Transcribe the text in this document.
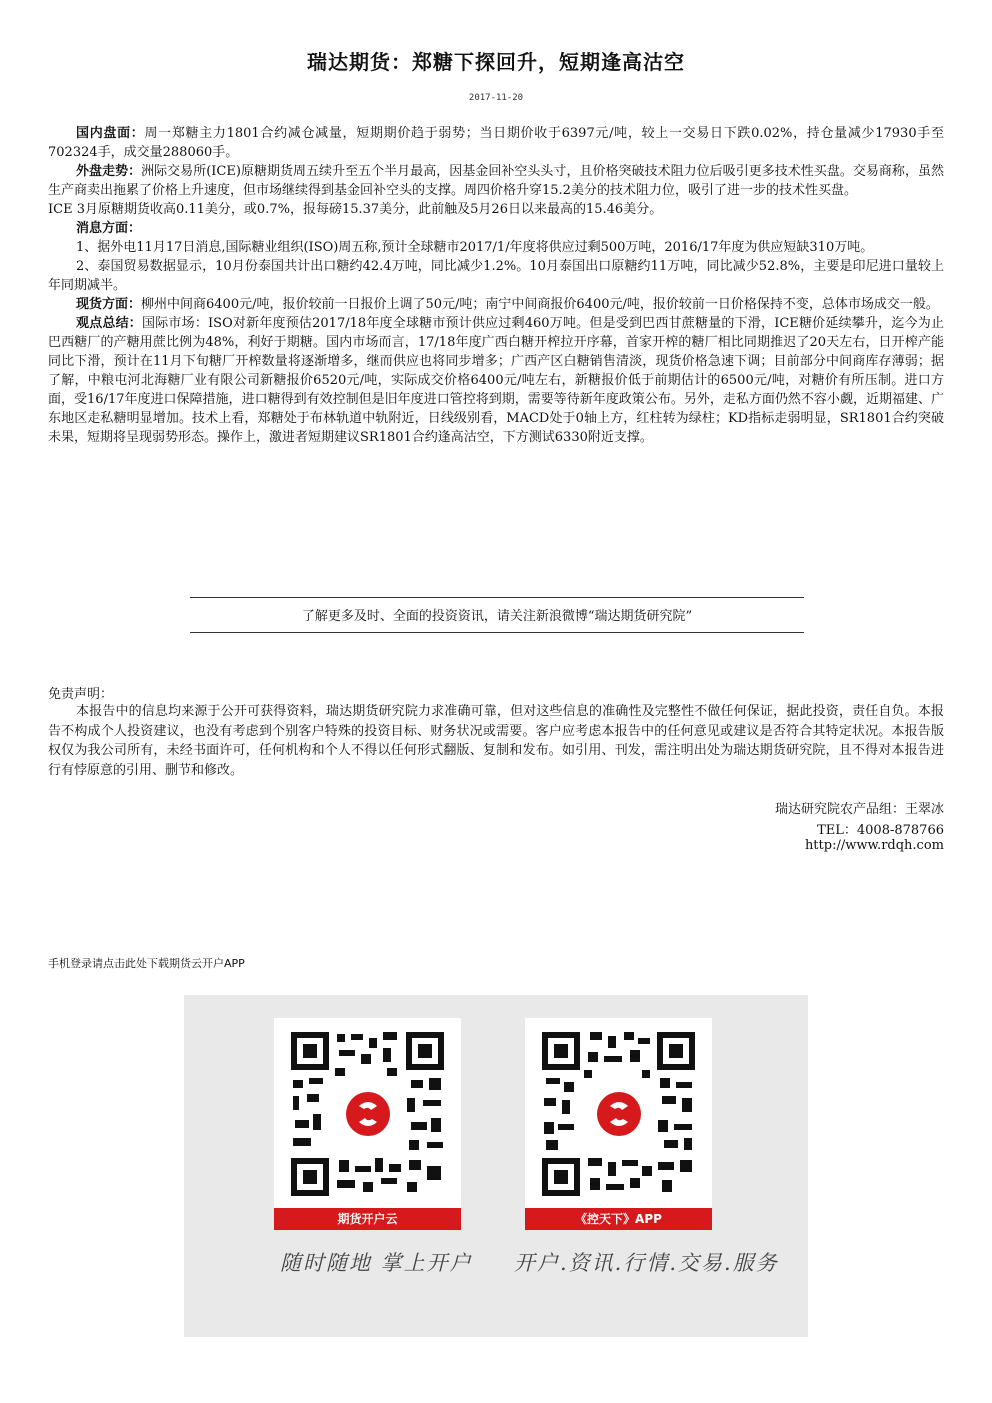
瑞达期货：郑糖下探回升，短期逢高沽空
2017-11-20

国内盘面：周一郑糖主力1801合约减仓减量，短期期价趋于弱势；当日期价收于6397元/吨，较上一交易日下跌0.02%，持仓量减少17930手至702324手，成交量288060手。

外盘走势：洲际交易所(ICE)原糖期货周五续升至五个半月最高，因基金回补空头头寸，且价格突破技术阻力位后吸引更多技术性买盘。交易商称，虽然生产商卖出拖累了价格上升速度，但市场继续得到基金回补空头的支撑。周四价格升穿15.2美分的技术阻力位，吸引了进一步的技术性买盘。

ICE 3月原糖期货收高0.11美分，或0.7%，报每磅15.37美分，此前触及5月26日以来最高的15.46美分。

消息方面：

1、据外电11月17日消息,国际糖业组织(ISO)周五称,预计全球糖市2017/1/年度将供应过剩500万吨，2016/17年度为供应短缺310万吨。

2、泰国贸易数据显示，10月份泰国共计出口糖约42.4万吨，同比减少1.2%。10月泰国出口原糖约11万吨，同比减少52.8%，主要是印尼进口量较上年同期减半。

现货方面：柳州中间商6400元/吨，报价较前一日报价上调了50元/吨；南宁中间商报价6400元/吨，报价较前一日价格保持不变，总体市场成交一般。

观点总结：国际市场：ISO对新年度预估2017/18年度全球糖市预计供应过剩460万吨。但是受到巴西甘蔗糖量的下滑，ICE糖价延续攀升，迄今为止巴西糖厂的产糖用蔗比例为48%，利好于期糖。国内市场而言，17/18年度广西白糖开榨拉开序幕，首家开榨的糖厂相比同期推迟了20天左右，日开榨产能同比下滑，预计在11月下旬糖厂开榨数量将逐渐增多，继而供应也将同步增多；广西产区白糖销售清淡，现货价格急速下调；目前部分中间商库存薄弱；据了解，中粮屯河北海糖厂业有限公司新糖报价6520元/吨，实际成交价格6400元/吨左右，新糖报价低于前期估计的6500元/吨，对糖价有所压制。进口方面，受16/17年度进口保障措施，进口糖得到有效控制但是旧年度进口管控将到期，需要等待新年度政策公布。另外，走私方面仍然不容小觑，近期福建、广东地区走私糖明显增加。技术上看，郑糖处于布林轨道中轨附近，日线级别看，MACD处于0轴上方，红柱转为绿柱；KD指标走弱明显，SR1801合约突破未果，短期将呈现弱势形态。操作上，激进者短期建议SR1801合约逢高沽空，下方测试6330附近支撑。

了解更多及时、全面的投资资讯，请关注新浪微博“瑞达期货研究院”
免责声明：
本报告中的信息均来源于公开可获得资料，瑞达期货研究院力求准确可靠，但对这些信息的准确性及完整性不做任何保证，据此投资，责任自负。本报告不构成个人投资建议，也没有考虑到个别客户特殊的投资目标、财务状况或需要。客户应考虑本报告中的任何意见或建议是否符合其特定状况。本报告版权仅为我公司所有，未经书面许可，任何机构和个人不得以任何形式翻版、复制和发布。如引用、刊发，需注明出处为瑞达期货研究院，且不得对本报告进行有悖原意的引用、删节和修改。
瑞达研究院农产品组：王翠冰
TEL：4008-878766
http://www.rdqh.com
手机登录请点击此处下载期货云开户APP
期货开户云	《控天下》APP
随时随地 掌上开户 开户.资讯.行情.交易.服务
